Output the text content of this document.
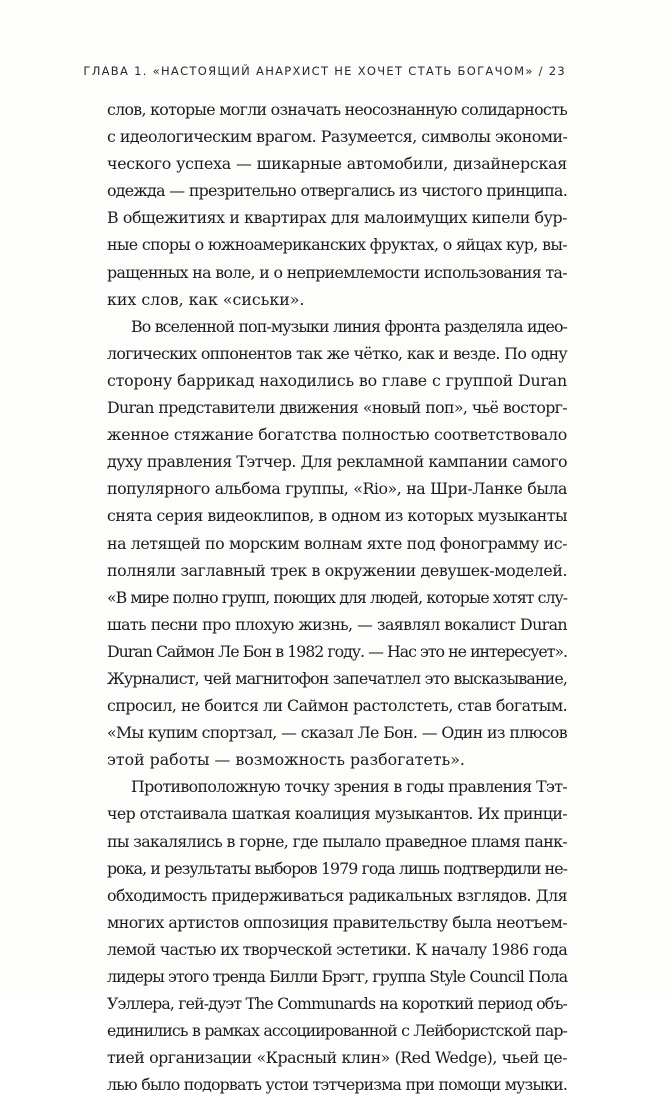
ГЛАВА 1. «НАСТОЯЩИЙ АНАРХИСТ НЕ ХОЧЕТ СТАТЬ БОГАЧОМ» / 23
слов, которые могли означать неосознанную солидарность
с идеологическим врагом. Разумеется, символы экономи-
ческого успеха — шикарные автомобили, дизайнерская
одежда — презрительно отвергались из чистого принципа.
В общежитиях и квартирах для малоимущих кипели бур-
ные споры о южноамериканских фруктах, о яйцах кур, вы-
ращенных на воле, и о неприемлемости использования та-
ких слов, как «сиськи».
Во вселенной поп-музыки линия фронта разделяла идео-
логических оппонентов так же чётко, как и везде. По одну
сторону баррикад находились во главе с группой Duran
Duran представители движения «новый поп», чьё восторг-
женное стяжание богатства полностью соответствовало
духу правления Тэтчер. Для рекламной кампании самого
популярного альбома группы, «Rio», на Шри-Ланке была
снята серия видеоклипов, в одном из которых музыканты
на летящей по морским волнам яхте под фонограмму ис-
полняли заглавный трек в окружении девушек-моделей.
«В мире полно групп, поющих для людей, которые хотят слу-
шать песни про плохую жизнь, — заявлял вокалист Duran
Duran Саймон Ле Бон в 1982 году. — Нас это не интересует».
Журналист, чей магнитофон запечатлел это высказывание,
спросил, не боится ли Саймон растолстеть, став богатым.
«Мы купим спортзал, — сказал Ле Бон. — Один из плюсов
этой работы — возможность разбогатеть».
Противоположную точку зрения в годы правления Тэт-
чер отстаивала шаткая коалиция музыкантов. Их принци-
пы закалялись в горне, где пылало праведное пламя панк-
рока, и результаты выборов 1979 года лишь подтвердили не-
обходимость придерживаться радикальных взглядов. Для
многих артистов оппозиция правительству была неотъем-
лемой частью их творческой эстетики. К началу 1986 года
лидеры этого тренда Билли Брэгг, группа Style Council Пола
Уэллера, гей-дуэт The Communards на короткий период объ-
единились в рамках ассоциированной с Лейбористской пар-
тией организации «Красный клин» (Red Wedge), чьей це-
лью было подорвать устои тэтчеризма при помощи музыки.
